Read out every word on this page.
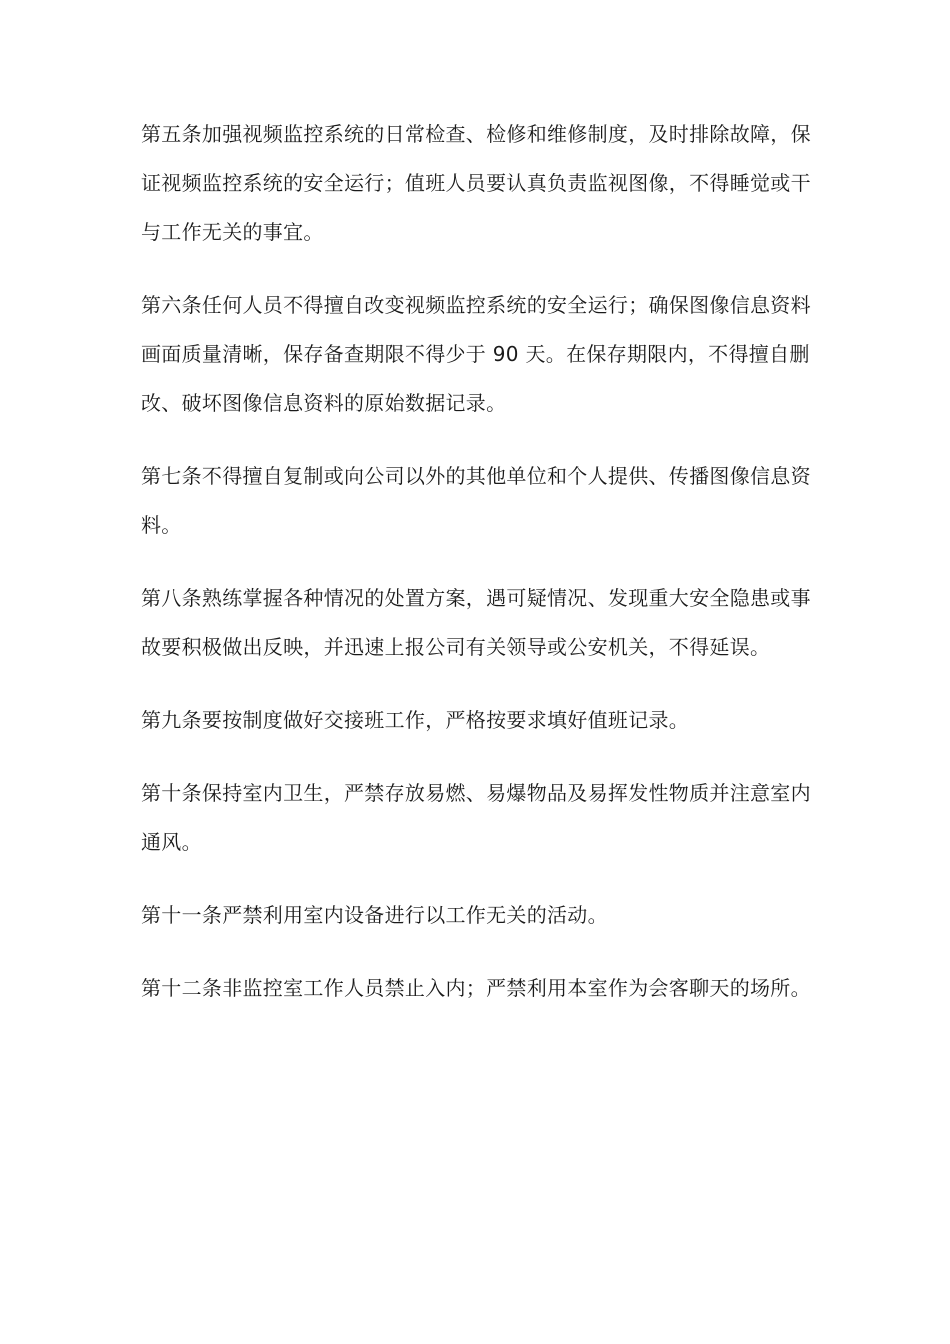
第五条加强视频监控系统的日常检查、检修和维修制度，及时排除故障，保证视频监控系统的安全运行；值班人员要认真负责监视图像，不得睡觉或干与工作无关的事宜。

第六条任何人员不得擅自改变视频监控系统的安全运行；确保图像信息资料画面质量清晰，保存备查期限不得少于 90 天。在保存期限内，不得擅自删改、破坏图像信息资料的原始数据记录。

第七条不得擅自复制或向公司以外的其他单位和个人提供、传播图像信息资料。

第八条熟练掌握各种情况的处置方案，遇可疑情况、发现重大安全隐患或事故要积极做出反映，并迅速上报公司有关领导或公安机关，不得延误。

第九条要按制度做好交接班工作，严格按要求填好值班记录。

第十条保持室内卫生，严禁存放易燃、易爆物品及易挥发性物质并注意室内通风。

第十一条严禁利用室内设备进行以工作无关的活动。

第十二条非监控室工作人员禁止入内；严禁利用本室作为会客聊天的场所。
